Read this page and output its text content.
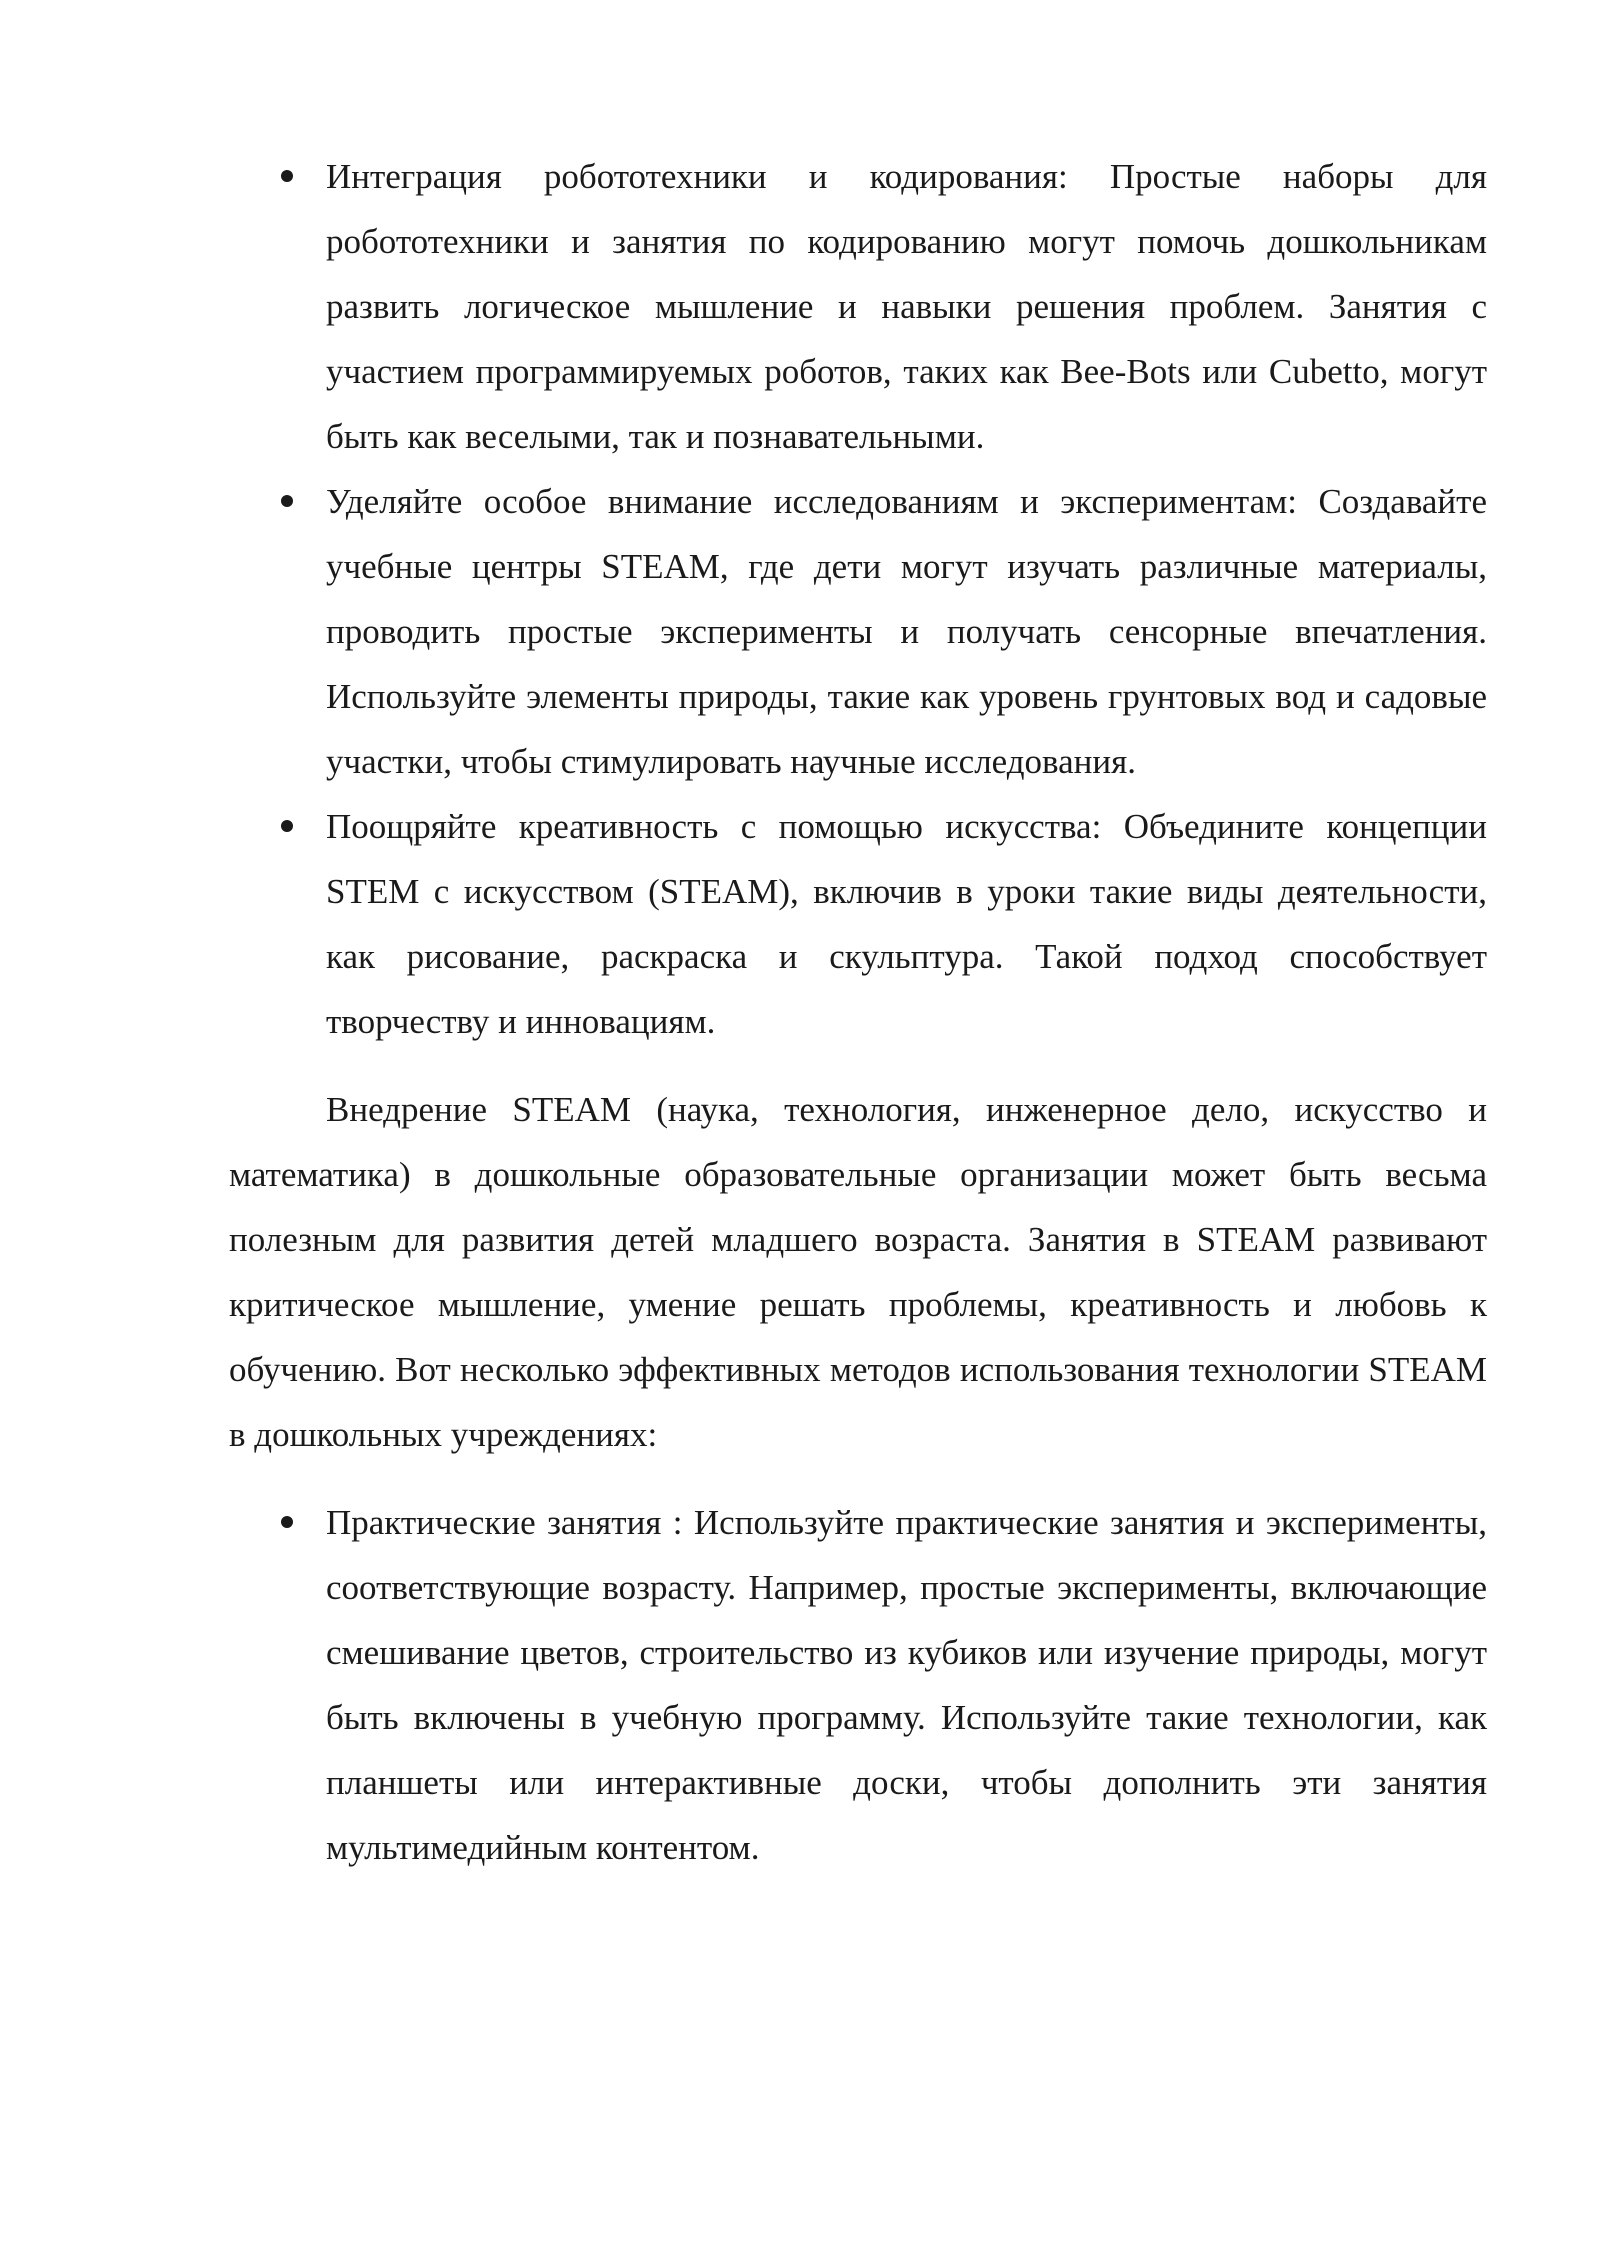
Интеграция робототехники и кодирования: Простые наборы для робототехники и занятия по кодированию могут помочь дошкольникам развить логическое мышление и навыки решения проблем. Занятия с участием программируемых роботов, таких как Bee-Bots или Cubetto, могут быть как веселыми, так и познавательными.
Уделяйте особое внимание исследованиям и экспериментам: Создавайте учебные центры STEAM, где дети могут изучать различные материалы, проводить простые эксперименты и получать сенсорные впечатления. Используйте элементы природы, такие как уровень грунтовых вод и садовые участки, чтобы стимулировать научные исследования.
Поощряйте креативность с помощью искусства: Объедините концепции STEM с искусством (STEAM), включив в уроки такие виды деятельности, как рисование, раскраска и скульптура. Такой подход способствует творчеству и инновациям.

Внедрение STEAM (наука, технология, инженерное дело, искусство и математика) в дошкольные образовательные организации может быть весьма полезным для развития детей младшего возраста. Занятия в STEAM развивают критическое мышление, умение решать проблемы, креативность и любовь к обучению. Вот несколько эффективных методов использования технологии STEAM в дошкольных учреждениях:

Практические занятия : Используйте практические занятия и эксперименты, соответствующие возрасту. Например, простые эксперименты, включающие смешивание цветов, строительство из кубиков или изучение природы, могут быть включены в учебную программу. Используйте такие технологии, как планшеты или интерактивные доски, чтобы дополнить эти занятия мультимедийным контентом.
